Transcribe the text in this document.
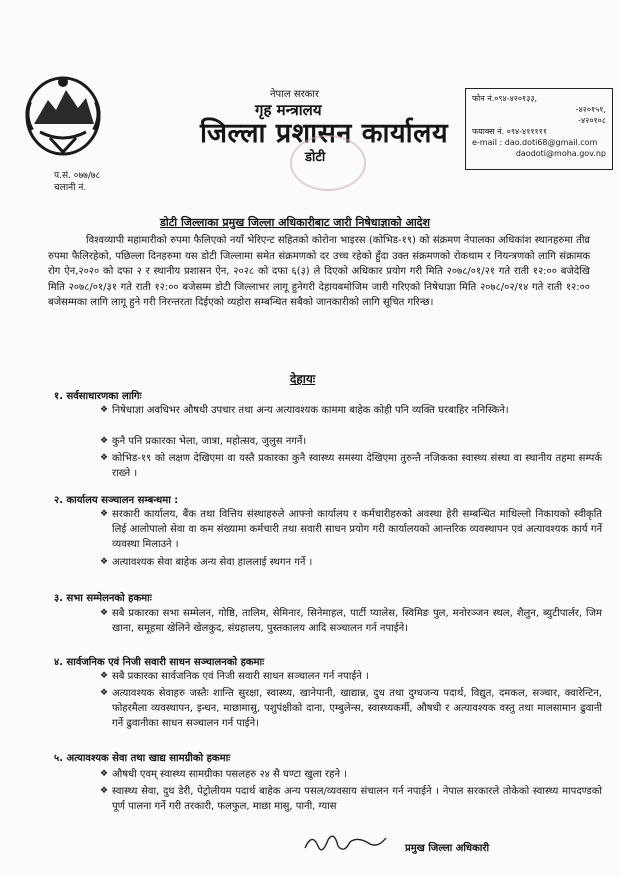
नेपाल सरकार
गृह मन्त्रालय
जिल्ला प्रशासन कार्यालय
डोटी
फोन नं.०९४-४२०१३३,
-४२०१५१,
-४२०१०८
फयाक्स नं. ०९४-४१११११
e-mail : dao.doti68@gmail.com
daodoti@moha.gov.np
प.सं. ०७७/७८
चलानी नं.
डोटी जिल्लाका प्रमुख जिल्ला अधिकारीबाट जारी निषेधाज्ञाको आदेश
विश्वव्यापी महामारीको रुपमा फैलिएको नयाँ भेरिएन्ट सहितको कोरोना भाइरस (कोभिड-१९) को संक्रमण नेपालका अधिकांश स्थानहरुमा तीव्र रुपमा फैलिरहेको, पछिल्ला दिनहरुमा यस डोटी जिल्लामा समेत संक्रमणको दर उच्च रहेको हुँदा उक्त संक्रमणको रोकथाम र नियन्त्रणको लागि संक्रामक रोग ऐन,२०२० को दफा २ र स्थानीय प्रशासन ऐन, २०२८ को दफा ६(३) ले दिएको अधिकार प्रयोग गरी मिति २०७८/०१/२१ गते राती १२:०० बजेदेखि मिति २०७८/०१/३१ गते राती १२:०० बजेसम्म डोटी जिल्लाभर लागू हुनेगरी देहायबमोजिम जारी गरिएको निषेधाज्ञा मिति २०७८/०२/१४ गते राती १२:०० बजेसम्मका लागि लागू हुने गरी निरन्तरता दिईएको व्यहोरा सम्बन्धित सबैको जानकारीको लागि सूचित गरिन्छ।
देहायः
१. सर्वसाधारणका लागिः
❖ निषेधाज्ञा अवधिभर औषधी उपचार तथा अन्य अत्यावश्यक काममा बाहेक कोही पनि व्यक्ति घरबाहिर ननिस्किने।
❖ कुनै पनि प्रकारका भेला, जात्रा, महोत्सव, जुलुस नगर्ने।
❖ कोभिड-१९ को लक्षण देखिएमा वा यस्तै प्रकारका कुनै स्वास्थ्य समस्या देखिएमा तुरुन्तै नजिकका स्वास्थ्य संस्था वा स्थानीय तहमा सम्पर्क राख्ने ।
२. कार्यालय सञ्चालन सम्बन्धमा :
❖ सरकारी कार्यालय, बैंक तथा वित्तिय संस्थाहरुले आफ्नो कार्यालय र कर्मचारीहरुको अवस्था हेरी सम्बन्धित माथिल्लो निकायको स्वीकृति लिई आलोपालो सेवा वा कम संख्यामा कर्मचारी तथा सवारी साधन प्रयोग गरी कार्यालयको आन्तरिक व्यवस्थापन एवं अत्यावश्यक कार्य गर्ने व्यवस्था मिलाउने ।
❖ अत्यावश्यक सेवा बाहेक अन्य सेवा हाललाई स्थगन गर्ने ।
३. सभा सम्मेलनको हकमाः
❖ सबै प्रकारका सभा सम्मेलन, गोष्ठि, तालिम, सेमिनार, सिनेमाहल, पार्टी प्यालेस, स्विमिङ पुल, मनोरञ्जन स्थल, शैलुन, ब्युटीपार्लर, जिम खाना, समूहमा खेलिने खेलकुद, संग्रहालय, पुस्तकालय आदि सञ्चालन गर्न नपाईने।
४. सार्वजनिक एवं निजी सवारी साधन सञ्चालनको हकमाः
❖ सबै प्रकारका सार्वजनिक एवं निजी सवारी साधन सञ्चालन गर्न नपाईने ।
❖ अत्यावश्यक सेवाहरु जस्तैः शान्ति सुरक्षा, स्वास्थ्य, खानेपानी, खाद्यान्न, दुध तथा दुग्धजन्य पदार्थ, विद्युत, दमकल, सञ्चार, क्वारेन्टिन, फोहरमैला व्यवस्थापन, इन्धन, माछामासु, पशुपंक्षीको दाना, एम्बुलेन्स, स्वास्थ्यकर्मी, औषधी र अत्यावश्यक वस्तु तथा मालसामान ढुवानी गर्ने ढुवानीका साधन सञ्चालन गर्न पाईने।
५. अत्यावश्यक सेवा तथा खाद्य सामग्रीको हकमाः
❖ औषधी एवम् स्वास्थ्य सामग्रीका पसलहरु २४ सै घण्टा खुला रहने ।
❖ स्वास्थ्य सेवा, दुध डेरी, पेट्रोलीयम पदार्थ बाहेक अन्य पसल/व्यवसाय संचालन गर्न नपाईने । नेपाल सरकारले तोकेको स्वास्थ्य मापदण्डको पूर्ण पालना गर्ने गरी तरकारी, फलफुल, माछा मासु, पानी, ग्यास
प्रमुख जिल्ला अधिकारी
